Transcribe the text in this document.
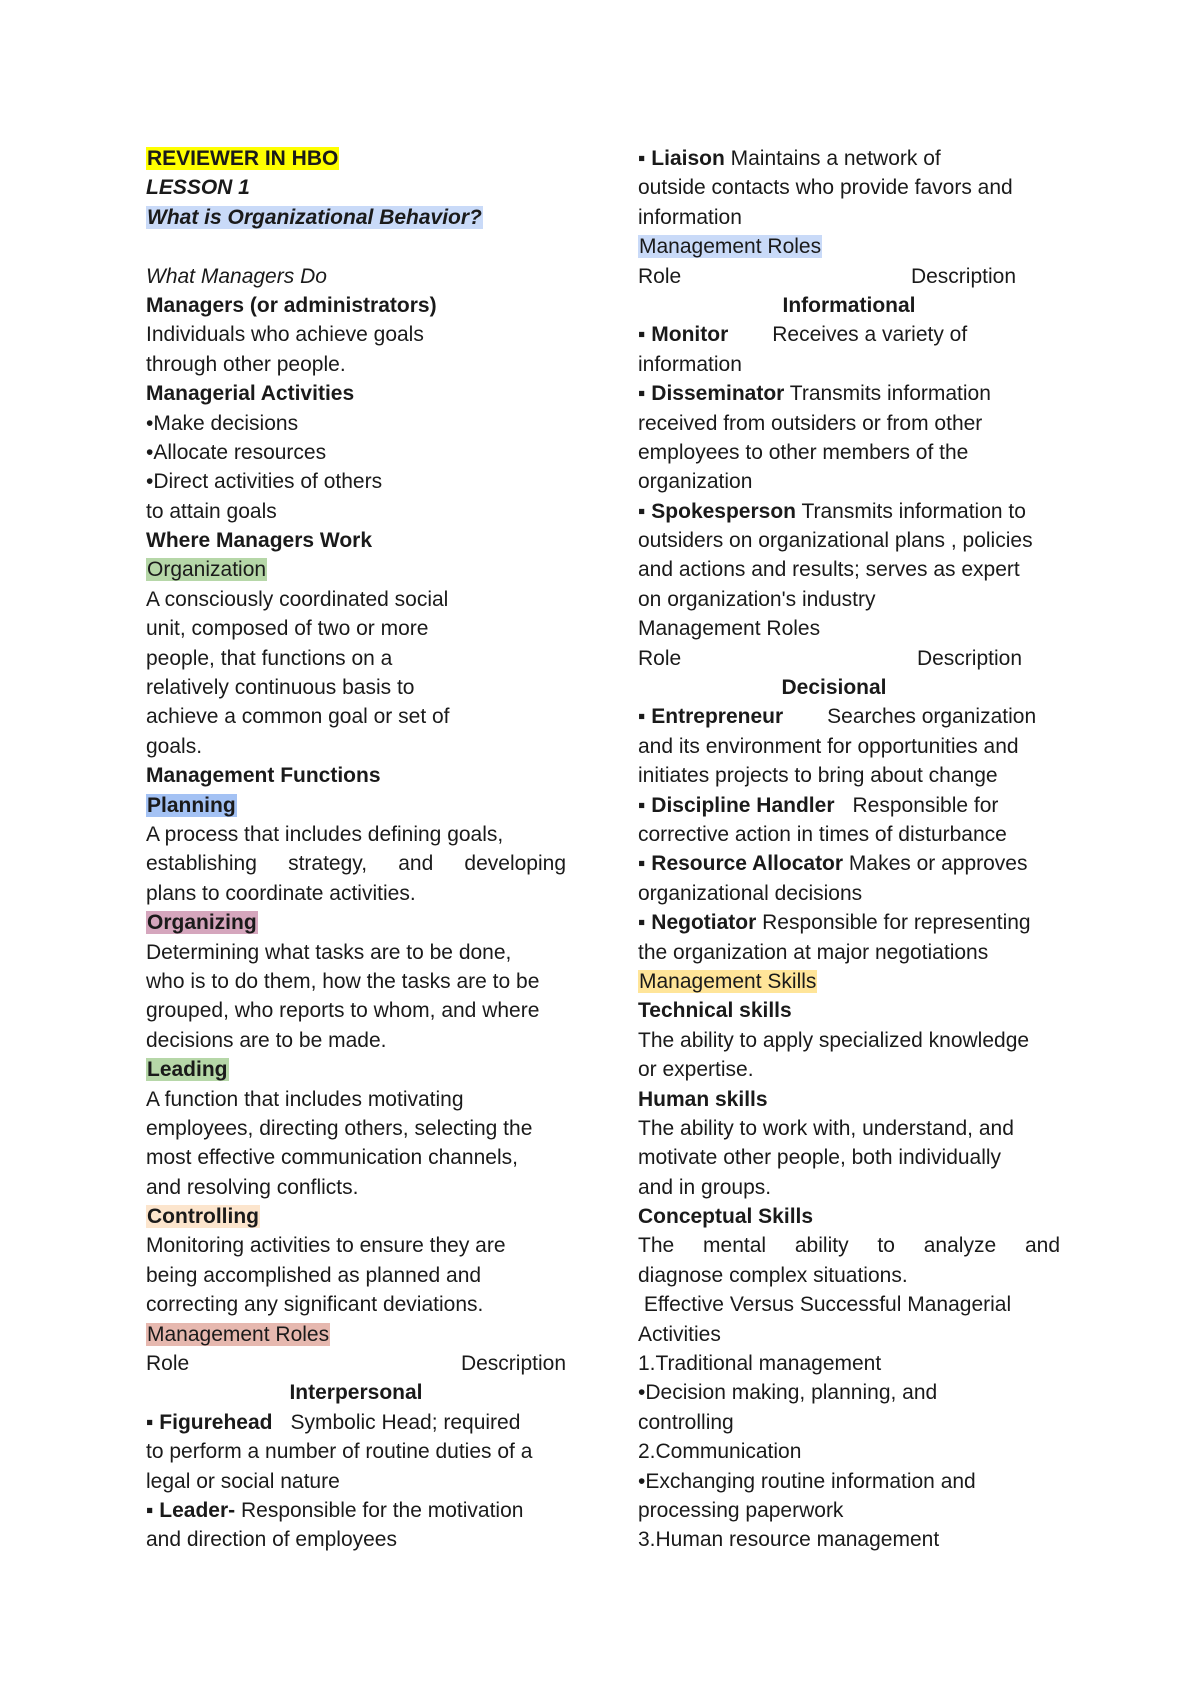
REVIEWER IN HBO
LESSON 1
What is Organizational Behavior?
What Managers Do
Managers (or administrators)
Individuals who achieve goals
through other people.
Managerial Activities
•Make decisions
•Allocate resources
•Direct activities of others
to attain goals
Where Managers Work
Organization
A consciously coordinated social
unit, composed of two or more
people, that functions on a
relatively continuous basis to
achieve a common goal or set of
goals.
Management Functions
Planning
A process that includes defining goals,
establishing strategy, and developing
plans to coordinate activities.
Organizing
Determining what tasks are to be done,
who is to do them, how the tasks are to be
grouped, who reports to whom, and where
decisions are to be made.
Leading
A function that includes motivating
employees, directing others, selecting the
most effective communication channels,
and resolving conflicts.
Controlling
Monitoring activities to ensure they are
being accomplished as planned and
correcting any significant deviations.
Management Roles
Role	Description
Interpersonal
▪ Figurehead Symbolic Head; required
to perform a number of routine duties of a
legal or social nature
▪ Leader- Responsible for the motivation
and direction of employees
▪ Liaison Maintains a network of
outside contacts who provide favors and
information
Management Roles
Role	Description
Informational
▪ Monitor Receives a variety of
information
▪ Disseminator Transmits information
received from outsiders or from other
employees to other members of the
organization
▪ Spokesperson Transmits information to
outsiders on organizational plans , policies
and actions and results; serves as expert
on organization's industry
Management Roles
Role	Description
Decisional
▪ Entrepreneur Searches organization
and its environment for opportunities and
initiates projects to bring about change
▪ Discipline Handler Responsible for
corrective action in times of disturbance
▪ Resource Allocator Makes or approves
organizational decisions
▪ Negotiator Responsible for representing
the organization at major negotiations
Management Skills
Technical skills
The ability to apply specialized knowledge
or expertise.
Human skills
The ability to work with, understand, and
motivate other people, both individually
and in groups.
Conceptual Skills
The mental ability to analyze and
diagnose complex situations.
Effective Versus Successful Managerial
Activities
1.Traditional management
•Decision making, planning, and
controlling
2.Communication
•Exchanging routine information and
processing paperwork
3.Human resource management
